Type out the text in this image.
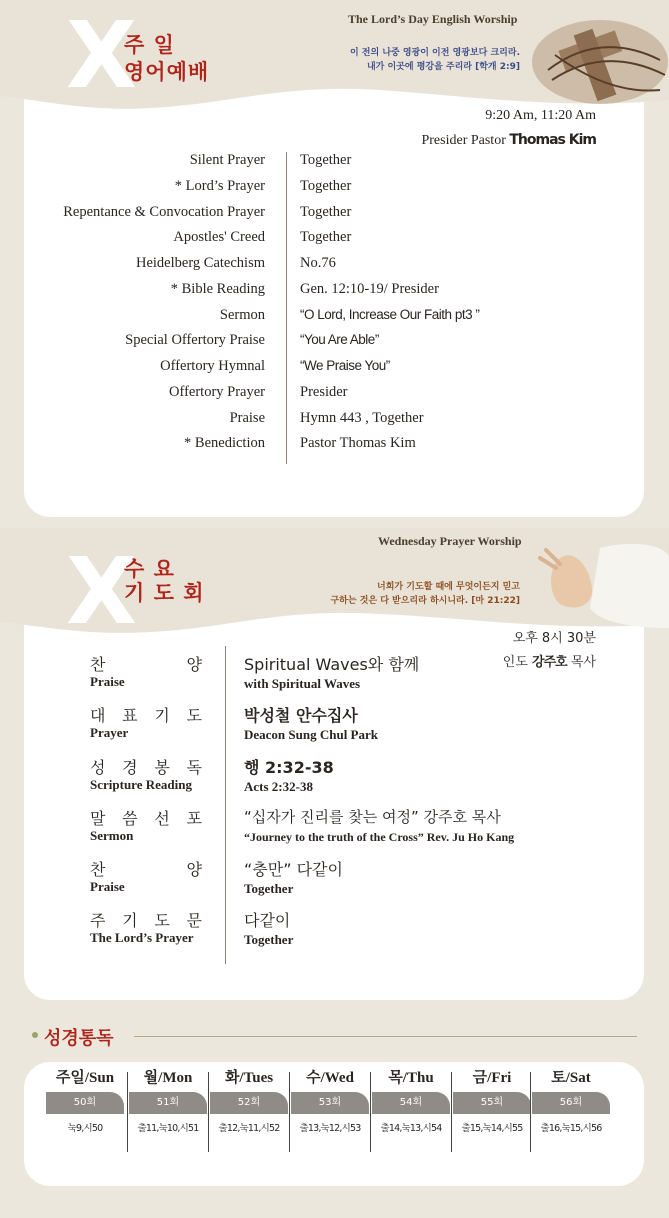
X
주 일
영어예배
The Lord’s Day English Worship
이 전의 나중 영광이 이전 영광보다 크리라.
내가 이곳에 평강을 주리라 [학개 2:9]
9:20 Am, 11:20 Am
Presider Pastor Thomas Kim
Silent Prayer Together
* Lord’s Prayer Together
Repentance & Convocation Prayer Together
Apostles' Creed Together
Heidelberg Catechism No.76
* Bible Reading Gen. 12:10-19/ Presider
Sermon	“O Lord, Increase Our Faith pt3 ”
Special Offertory Praise	“You Are Able”
Offertory Hymnal	“We Praise You”
Offertory Prayer Presider
Praise Hymn 443 , Together
* Benediction Pastor Thomas Kim
X
수 요
기 도 회
Wednesday Prayer Worship
너희가 기도할 때에 무엇이든지 믿고
구하는 것은 다 받으리라 하시니라. [마 21:22]
오후 8시 30분
인도 강주호 목사
찬	양
Praise
Spiritual Waves와 함께
with Spiritual Waves
대 표 기 도
Prayer
박성철 안수집사
Deacon Sung Chul Park
성 경 봉 독
Scripture Reading
행 2:32-38
Acts 2:32-38
말 씀 선 포
Sermon
“십자가 진리를 찾는 여정” 강주호 목사
“Journey to the truth of the Cross” Rev. Ju Ho Kang
찬	양
Praise
“충만” 다같이
Together
주 기 도 문
The Lord’s Prayer
다같이
Together
성경통독
주일/Sun
50회
눅9,시50
월/Mon
51회
출11,눅10,시51
화/Tues
52회
출12,눅11,시52
수/Wed
53회
출13,눅12,시53
목/Thu
54회
출14,눅13,시54
금/Fri
55회
출15,눅14,시55
토/Sat
56회
출16,눅15,시56
